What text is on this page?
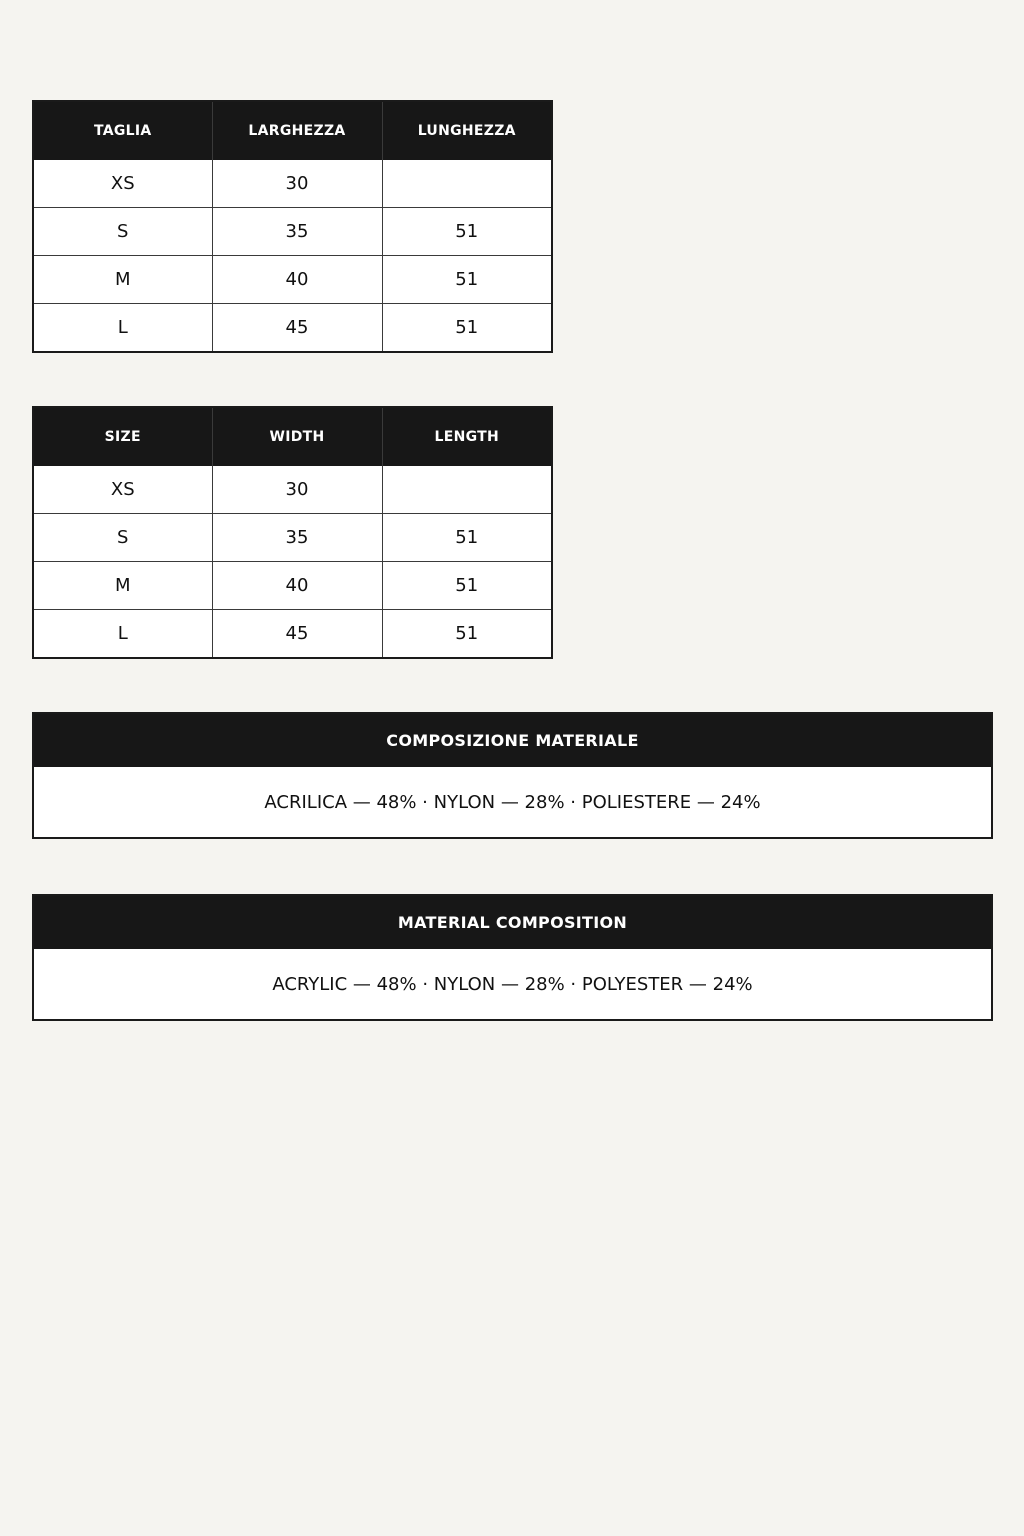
TAGLIA	LARGHEZZA	LUNGHEZZA
XS	30	
S	35	51
M	40	51
L	45	51
SIZE	WIDTH	LENGTH
XS	30	
S	35	51
M	40	51
L	45	51
COMPOSIZIONE MATERIALE
ACRILICA — 48% · NYLON — 28% · POLIESTERE — 24%
MATERIAL COMPOSITION
ACRYLIC — 48% · NYLON — 28% · POLYESTER — 24%
